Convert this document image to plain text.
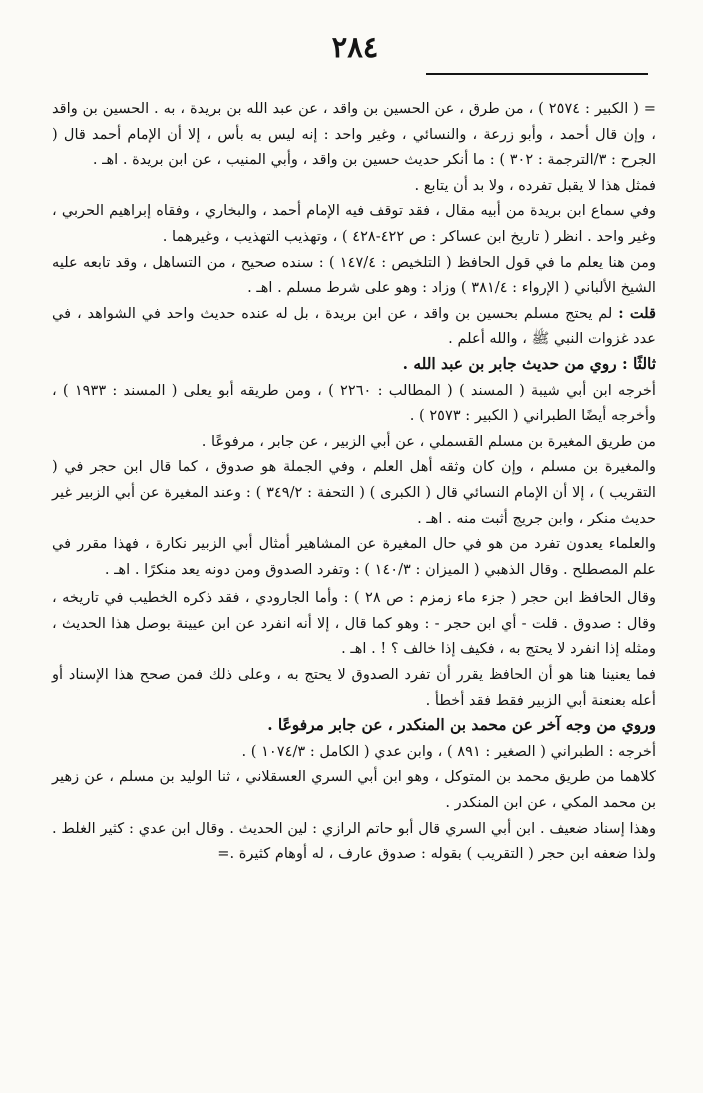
٢٨٤

= ( الكبير : ٢٥٧٤ ) ، من طرق ، عن الحسين بن واقد ، عن عبد الله بن بريدة ، به . الحسين بن واقد ، وإن قال أحمد ، وأبو زرعة ، والنسائي ، وغير واحد : إنه ليس به بأس ، إلا أن الإمام أحمد قال ( الجرح : ٣/الترجمة : ٣٠٢ ) : ما أنكر حديث حسين بن واقد ، وأبي المنيب ، عن ابن بريدة . اهـ .

فمثل هذا لا يقبل تفرده ، ولا بد أن يتابع .

وفي سماع ابن بريدة من أبيه مقال ، فقد توقف فيه الإمام أحمد ، والبخاري ، وفقاه إبراهيم الحربي ، وغير واحد . انظر ( تاريخ ابن عساكر : ص ٤٢٢-٤٢٨ ) ، وتهذيب التهذيب ، وغيرهما .

ومن هنا يعلم ما في قول الحافظ ( التلخيص : ١٤٧/٤ ) : سنده صحيح ، من التساهل ، وقد تابعه عليه الشيخ الألباني ( الإرواء : ٣٨١/٤ ) وزاد : وهو على شرط مسلم . اهـ .

قلت : لم يحتج مسلم بحسين بن واقد ، عن ابن بريدة ، بل له عنده حديث واحد في الشواهد ، في عدد غزوات النبي ﷺ ، والله أعلم .

ثالثًا : روي من حديث جابر بن عبد الله .

أخرجه ابن أبي شيبة ( المسند ) ( المطالب : ٢٢٦٠ ) ، ومن طريقه أبو يعلى ( المسند : ١٩٣٣ ) ، وأخرجه أيضًا الطبراني ( الكبير : ٢٥٧٣ ) .

من طريق المغيرة بن مسلم القسملي ، عن أبي الزبير ، عن جابر ، مرفوعًا .

والمغيرة بن مسلم ، وإن كان وثقه أهل العلم ، وفي الجملة هو صدوق ، كما قال ابن حجر في ( التقريب ) ، إلا أن الإمام النسائي قال ( الكبرى ) ( التحفة : ٣٤٩/٢ ) : وعند المغيرة عن أبي الزبير غير حديث منكر ، وابن جريج أثبت منه . اهـ .

والعلماء يعدون تفرد من هو في حال المغيرة عن المشاهير أمثال أبي الزبير نكارة ، فهذا مقرر في علم المصطلح . وقال الذهبي ( الميزان : ١٤٠/٣ ) : وتفرد الصدوق ومن دونه يعد منكرًا . اهـ .

وقال الحافظ ابن حجر ( جزء ماء زمزم : ص ٢٨ ) : وأما الجارودي ، فقد ذكره الخطيب في تاريخه ، وقال : صدوق . قلت - أي ابن حجر - : وهو كما قال ، إلا أنه انفرد عن ابن عيينة بوصل هذا الحديث ، ومثله إذا انفرد لا يحتج به ، فكيف إذا خالف ؟ ! . اهـ .

فما يعنينا هنا هو أن الحافظ يقرر أن تفرد الصدوق لا يحتج به ، وعلى ذلك فمن صحح هذا الإسناد أو أعله بعنعنة أبي الزبير فقط فقد أخطأ .

وروي من وجه آخر عن محمد بن المنكدر ، عن جابر مرفوعًا .

أخرجه : الطبراني ( الصغير : ٨٩١ ) ، وابن عدي ( الكامل : ١٠٧٤/٣ ) .

كلاهما من طريق محمد بن المتوكل ، وهو ابن أبي السري العسقلاني ، ثنا الوليد بن مسلم ، عن زهير بن محمد المكي ، عن ابن المنكدر .

وهذا إسناد ضعيف . ابن أبي السري قال أبو حاتم الرازي : لين الحديث . وقال ابن عدي : كثير الغلط . ولذا ضعفه ابن حجر ( التقريب ) بقوله : صدوق عارف ، له أوهام كثيرة .=
